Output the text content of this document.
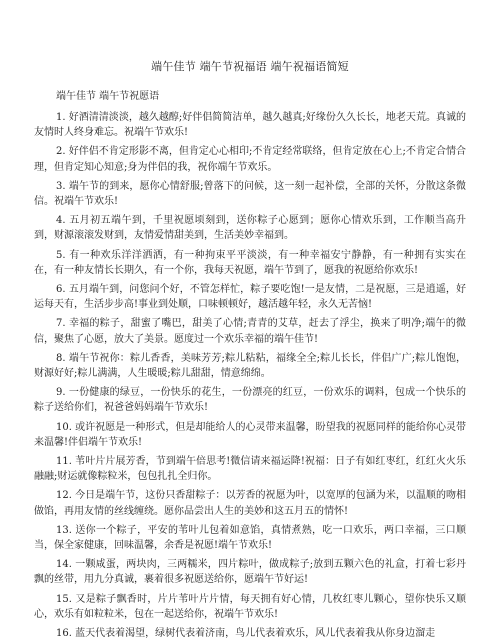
端午佳节 端午节祝福语 端午祝福语简短

端午佳节 端午节祝愿语

1. 好酒清清淡淡，越久越醇;好伴侣简简洁单，越久越真;好缘份久久长长，地老天荒。真诚的友情时人终身难忘。祝端午节欢乐!

2. 好伴侣不肯定形影不离，但肯定心心相印;不肯定经常联络，但肯定放在心上;不肯定合情合理，但肯定知心知意;身为伴侣的我，祝你端午节欢乐。

3. 端午节的到来，愿你心情舒服;曾落下的问候，这一刻一起补偿，全部的关怀，分散这条微信。祝端午节欢乐!

4. 五月初五端午到，千里祝愿顷刻到，送你粽子心愿到；愿你心情欢乐到，工作顺当高升到，财源滚滚发财到，友情爱情甜美到，生活美妙幸福到。

5. 有一种欢乐洋洋洒洒，有一种拘束平平淡淡，有一种幸福安宁静静，有一种拥有实实在在，有一种友情长长期久，有一个你，我每天祝愿，端午节到了，愿我的祝愿给你欢乐!

6. 五月端午到，问您问个好，不管怎样忙，粽子要吃饱!一是友情，二是祝愿，三是逍遥，好运每天有，生活步步高!事业到处顺，口味顿顿好，越活越年轻，永久无苦恼!

7. 幸福的粽子，甜蜜了嘴巴，甜美了心情;青青的艾草，赶去了浮尘，换来了明净;端午的微信，聚焦了心愿，放大了美景。愿度过一个欢乐幸福的端午佳节!

8. 端午节祝你：粽儿香香，美味芳芳;粽儿粘粘，福缘全全;粽儿长长，伴侣广广;粽儿饱饱，财源好好;粽儿满满，人生暖暖;粽儿甜甜，情意绵绵。

9. 一份健康的绿豆，一份快乐的花生，一份漂亮的红豆，一份欢乐的调料，包成一个快乐的粽子送给你们，祝爸爸妈妈端午节欢乐!

10. 或许祝愿是一种形式，但是却能给人的心灵带来温馨，盼望我的祝愿同样的能给你心灵带来温馨!伴侣端午节欢乐!

11. 苇叶片片展芳香，节到端午倍思考!微信请来福运降!祝福：日子有如红枣红，红红火火乐融融;财运就像粽粒米，包包扎扎全归你。

12. 今日是端午节，这份只香甜粽子：以芳香的祝愿为叶，以宽厚的包涵为米，以温顺的吻相做馅，再用友情的丝线缠绕。愿你品尝出人生的美妙和这五月五的情怀!

13. 送你一个粽子，平安的苇叶儿包着如意馅，真情煮熟，吃一口欢乐，两口幸福，三口顺当，保全家健康，回味温馨，余香是祝愿!端午节欢乐!

14. 一颗咸蛋，两块肉，三两糯米，四片粽叶，做成粽子;放到五颗六色的礼盒，打着七彩丹飘的丝带，用九分真诚，裹着很多祝愿送给你，愿端午节好运!

15. 又是粽子飘香时，片片苇叶片片情，每天拥有好心情，几枚红枣儿颗心，望你快乐又顺心，欢乐有如粒粒米，包在一起送给你，祝端午节欢乐!

16. 蓝天代表着渴望，绿树代表着济南，鸟儿代表着欢乐，风儿代表着我从你身边溜走
